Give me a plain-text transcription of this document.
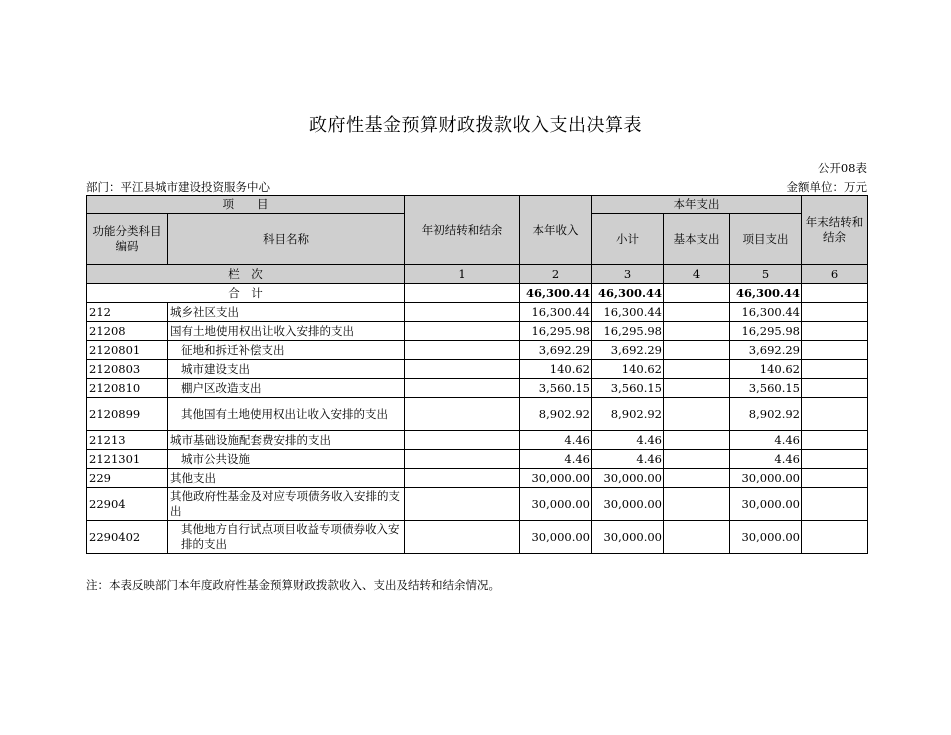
政府性基金预算财政拨款收入支出决算表
公开08表
部门：平江县城市建设投资服务中心	金额单位：万元
项　　目		年初结转和结余	本年收入	本年支出			年末结转和结余
功能分类科目编码	科目名称			小计	基本支出	项目支出	
栏　次		1	2	3	4	5	6
合　计			46,300.44	46,300.44		46,300.44	
212	城乡社区支出		16,300.44	16,300.44		16,300.44	
21208	国有土地使用权出让收入安排的支出		16,295.98	16,295.98		16,295.98	
2120801	征地和拆迁补偿支出		3,692.29	3,692.29		3,692.29	
2120803	城市建设支出		140.62	140.62		140.62	
2120810	棚户区改造支出		3,560.15	3,560.15		3,560.15	
2120899	其他国有土地使用权出让收入安排的支出		8,902.92	8,902.92		8,902.92	
21213	城市基础设施配套费安排的支出		4.46	4.46		4.46	
2121301	城市公共设施		4.46	4.46		4.46	
229	其他支出		30,000.00	30,000.00		30,000.00	
22904	其他政府性基金及对应专项债务收入安排的支出		30,000.00	30,000.00		30,000.00	
2290402	其他地方自行试点项目收益专项债券收入安排的支出		30,000.00	30,000.00		30,000.00	
注：本表反映部门本年度政府性基金预算财政拨款收入、支出及结转和结余情况。
